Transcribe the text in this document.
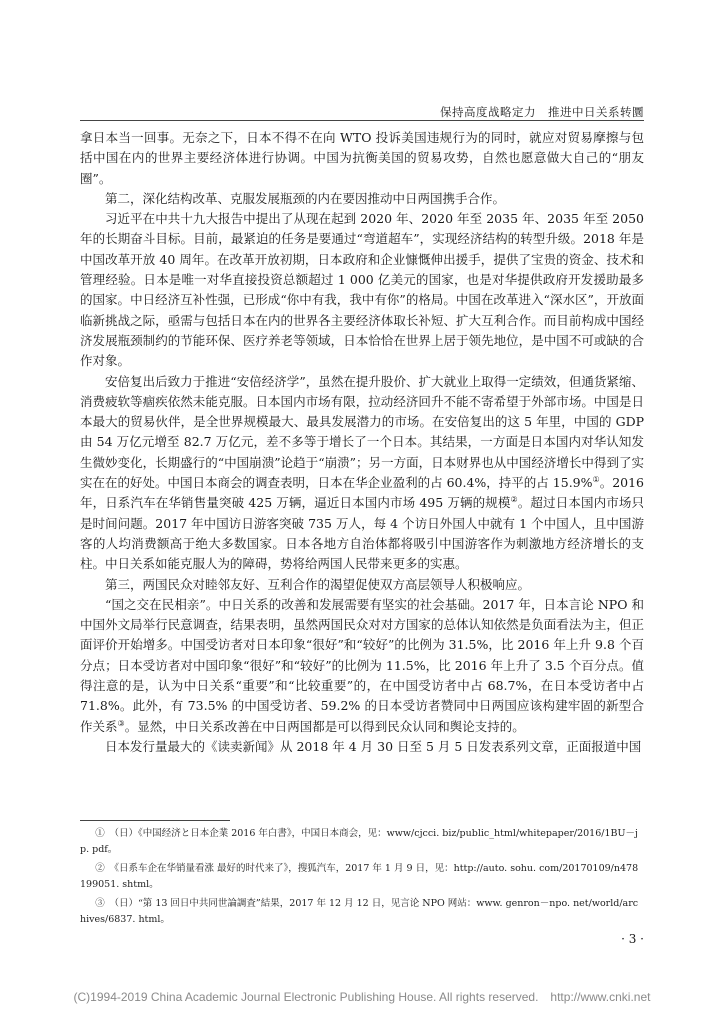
保持高度战略定力　推进中日关系转圜

拿日本当一回事。无奈之下，日本不得不在向 WTO 投诉美国违规行为的同时，就应对贸易摩擦与包括中国在内的世界主要经济体进行协调。中国为抗衡美国的贸易攻势，自然也愿意做大自己的“朋友圈”。

第二，深化结构改革、克服发展瓶颈的内在要因推动中日两国携手合作。

习近平在中共十九大报告中提出了从现在起到 2020 年、2020 年至 2035 年、2035 年至 2050 年的长期奋斗目标。目前，最紧迫的任务是要通过“弯道超车”，实现经济结构的转型升级。2018 年是中国改革开放 40 周年。在改革开放初期，日本政府和企业慷慨伸出援手，提供了宝贵的资金、技术和管理经验。日本是唯一对华直接投资总额超过 1 000 亿美元的国家，也是对华提供政府开发援助最多的国家。中日经济互补性强，已形成“你中有我，我中有你”的格局。中国在改革进入“深水区”，开放面临新挑战之际，亟需与包括日本在内的世界各主要经济体取长补短、扩大互利合作。而目前构成中国经济发展瓶颈制约的节能环保、医疗养老等领域，日本恰恰在世界上居于领先地位，是中国不可或缺的合作对象。

安倍复出后致力于推进“安倍经济学”，虽然在提升股价、扩大就业上取得一定绩效，但通货紧缩、消费疲软等痼疾依然未能克服。日本国内市场有限，拉动经济回升不能不寄希望于外部市场。中国是日本最大的贸易伙伴，是全世界规模最大、最具发展潜力的市场。在安倍复出的这 5 年里，中国的 GDP 由 54 万亿元增至 82.7 万亿元，差不多等于增长了一个日本。其结果，一方面是日本国内对华认知发生微妙变化，长期盛行的“中国崩溃”论趋于“崩溃”；另一方面，日本财界也从中国经济增长中得到了实实在在的好处。中国日本商会的调查表明，日本在华企业盈利的占 60.4%，持平的占 15.9%①。2016 年，日系汽车在华销售量突破 425 万辆，逼近日本国内市场 495 万辆的规模②。超过日本国内市场只是时间问题。2017 年中国访日游客突破 735 万人，每 4 个访日外国人中就有 1 个中国人，且中国游客的人均消费额高于绝大多数国家。日本各地方自治体都将吸引中国游客作为刺激地方经济增长的支柱。中日关系如能克服人为的障碍，势将给两国人民带来更多的实惠。

第三，两国民众对睦邻友好、互利合作的渴望促使双方高层领导人积极响应。

“国之交在民相亲”。中日关系的改善和发展需要有坚实的社会基础。2017 年，日本言论 NPO 和中国外文局举行民意调查，结果表明，虽然两国民众对对方国家的总体认知依然是负面看法为主，但正面评价开始增多。中国受访者对日本印象“很好”和“较好”的比例为 31.5%，比 2016 年上升 9.8 个百分点；日本受访者对中国印象“很好”和“较好”的比例为 11.5%，比 2016 年上升了 3.5 个百分点。值得注意的是，认为中日关系“重要”和“比较重要”的，在中国受访者中占 68.7%，在日本受访者中占 71.8%。此外，有 73.5% 的中国受访者、59.2% 的日本受访者赞同中日两国应该构建牢固的新型合作关系③。显然，中日关系改善在中日两国都是可以得到民众认同和舆论支持的。

日本发行量最大的《读卖新闻》从 2018 年 4 月 30 日至 5 月 5 日发表系列文章，正面报道中国

①　（日）《中国经济と日本企業 2016 年白書》，中国日本商会，见：www/cjcci. biz/public_html/whitepaper/2016/1BU－jp. pdf。
②　《日系车企在华销量看涨 最好的时代来了》，搜狐汽车，2017 年 1 月 9 日，见：http://auto. sohu. com/20170109/n478199051. shtml。
③　（日）“第 13 回日中共同世論調査”結果，2017 年 12 月 12 日，见言论 NPO 网站：www. genron－npo. net/world/archives/6837. html。
· 3 ·
(C)1994-2019 China Academic Journal Electronic Publishing House. All rights reserved.　http://www.cnki.net
